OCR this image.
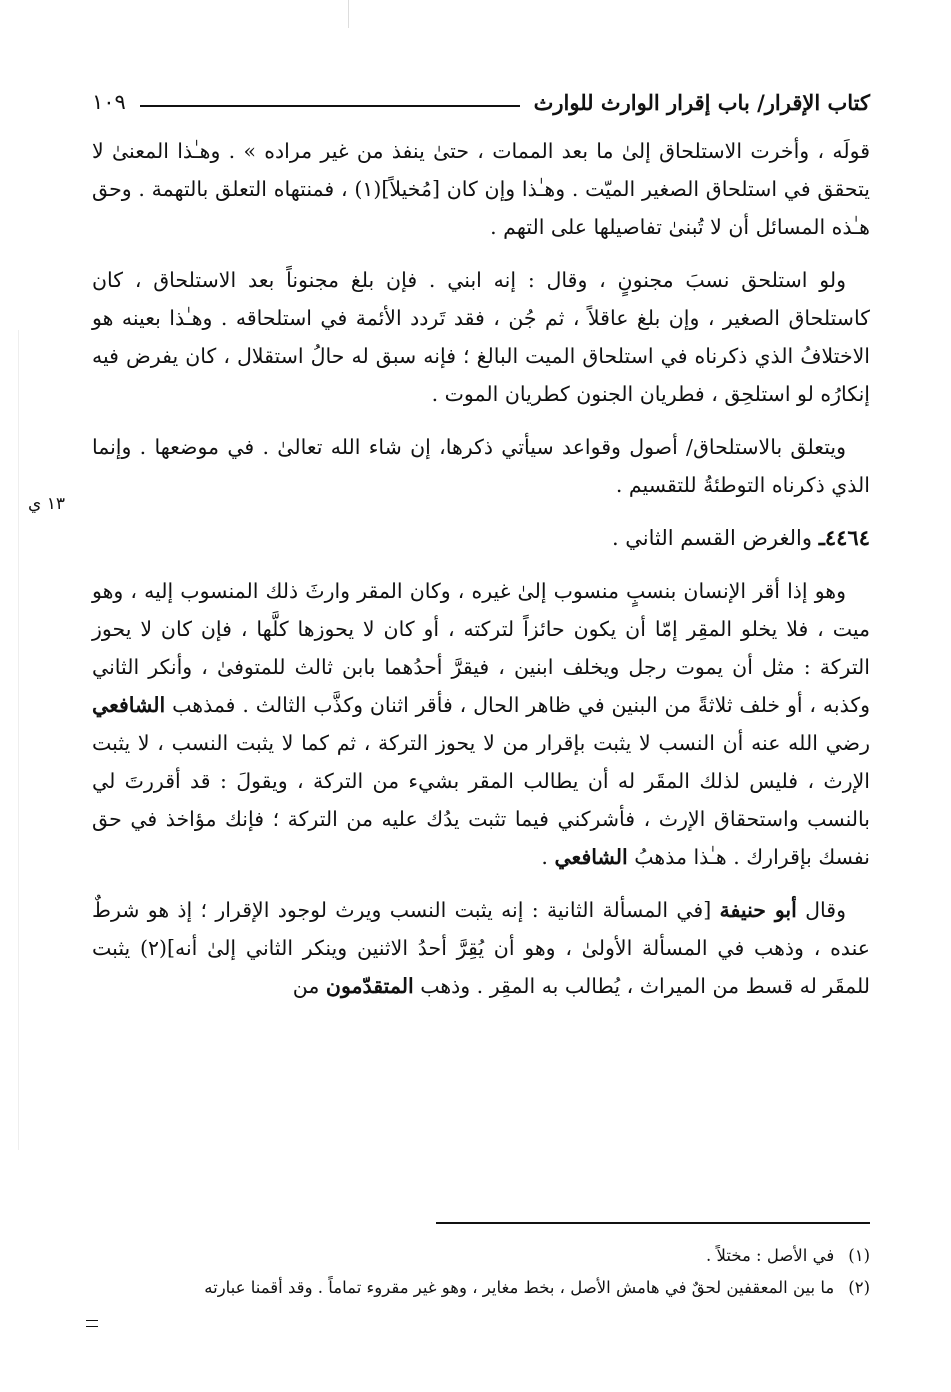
كتاب الإقرار/ باب إقرار الوارث للوارث
١٠٩
١٣ ي

قولَه ، وأخرت الاستلحاق إلىٰ ما بعد الممات ، حتىٰ ينفذ من غير مراده » . وهـٰذا المعنىٰ لا يتحقق في استلحاق الصغير الميّت . وهـٰذا وإن كان [مُخيلاً](١) ، فمنتهاه التعلق بالتهمة . وحق هـٰذه المسائل أن لا تُبنىٰ تفاصيلها على التهم .

ولو استلحق نسبَ مجنونٍ ، وقال : إنه ابني . فإن بلغ مجنوناً بعد الاستلحاق ، كان كاستلحاق الصغير ، وإن بلغ عاقلاً ، ثم جُن ، فقد تَردد الأئمة في استلحاقه . وهـٰذا بعينه هو الاختلافُ الذي ذكرناه في استلحاق الميت البالغ ؛ فإنه سبق له حالُ استقلال ، كان يفرض فيه إنكارُه لو استلحِق ، فطريان الجنون كطريان الموت .

ويتعلق بالاستلحاق/ أصول وقواعد سيأتي ذكرها، إن شاء الله تعالىٰ . في موضعها . وإنما الذي ذكرناه التوطئةُ للتقسيم .

٤٤٦٤ـ والغرض القسم الثاني .

وهو إذا أقر الإنسان بنسبٍ منسوب إلىٰ غيره ، وكان المقر وارثَ ذلك المنسوب إليه ، وهو ميت ، فلا يخلو المقِر إمّا أن يكون حائزاً لتركته ، أو كان لا يحوزها كلَّها ، فإن كان لا يحوز التركة : مثل أن يموت رجل ويخلف ابنين ، فيقرَّ أحدُهما بابن ثالث للمتوفىٰ ، وأنكر الثاني وكذبه ، أو خلف ثلاثةً من البنين في ظاهر الحال ، فأقر اثنان وكذَّب الثالث . فمذهب الشافعي رضي الله عنه أن النسب لا يثبت بإقرار من لا يحوز التركة ، ثم كما لا يثبت النسب ، لا يثبت الإرث ، فليس لذلك المقَر له أن يطالب المقر بشيء من التركة ، ويقولَ : قد أقررتَ لي بالنسب واستحقاق الإرث ، فأشركني فيما تثبت يدُك عليه من التركة ؛ فإنك مؤاخذ في حق نفسك بإقرارك . هـٰذا مذهبُ الشافعي .

وقال أبو حنيفة [في المسألة الثانية : إنه يثبت النسب ويرث لوجود الإقرار ؛ إذ هو شرطٌ عنده ، وذهب في المسألة الأولىٰ ، وهو أن يُقِرَّ أحدُ الاثنين وينكر الثاني إلىٰ أنه](٢) يثبت للمقَر له قسط من الميراث ، يُطالب به المقِر . وذهب المتقدّمون من

(١)
في الأصل : مختلاً .
(٢)
ما بين المعقفين لحقٌ في هامش الأصل ، بخط مغاير ، وهو غير مقروء تماماً . وقد أقمنا عبارته
